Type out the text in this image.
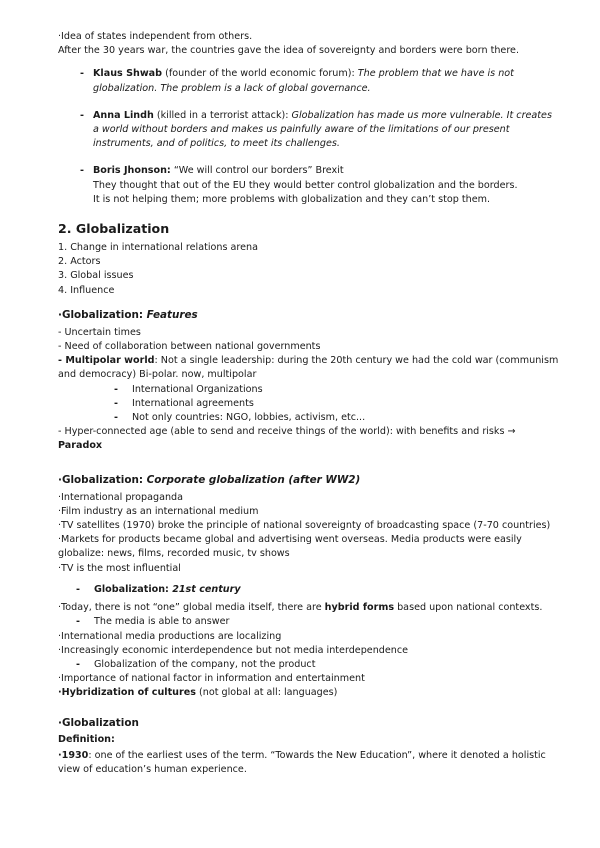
·Idea of states independent from others.
After the 30 years war, the countries gave the idea of sovereignty and borders were born there.
- Klaus Shwab (founder of the world economic forum): The problem that we have is not
globalization. The problem is a lack of global governance.
- Anna Lindh (killed in a terrorist attack): Globalization has made us more vulnerable. It creates
a world without borders and makes us painfully aware of the limitations of our present
instruments, and of politics, to meet its challenges.
- Boris Jhonson: “We will control our borders” Brexit
They thought that out of the EU they would better control globalization and the borders.
It is not helping them; more problems with globalization and they can’t stop them.
2. Globalization
1. Change in international relations arena
2. Actors
3. Global issues
4. Influence
·Globalization: Features
- Uncertain times
- Need of collaboration between national governments
- Multipolar world: Not a single leadership: during the 20th century we had the cold war (communism
and democracy) Bi-polar. now, multipolar
- International Organizations
- International agreements
- Not only countries: NGO, lobbies, activism, etc...
- Hyper-connected age (able to send and receive things of the world): with benefits and risks →
Paradox
·Globalization: Corporate globalization (after WW2)
·International propaganda
·Film industry as an international medium
·TV satellites (1970) broke the principle of national sovereignty of broadcasting space (7-70 countries)
·Markets for products became global and advertising went overseas. Media products were easily
globalize: news, films, recorded music, tv shows
·TV is the most influential
- Globalization: 21st century
·Today, there is not “one” global media itself, there are hybrid forms based upon national contexts.
- The media is able to answer
·International media productions are localizing
·Increasingly economic interdependence but not media interdependence
- Globalization of the company, not the product
·Importance of national factor in information and entertainment
·Hybridization of cultures (not global at all: languages)
·Globalization
Definition:
·1930: one of the earliest uses of the term. “Towards the New Education”, where it denoted a holistic
view of education’s human experience.
